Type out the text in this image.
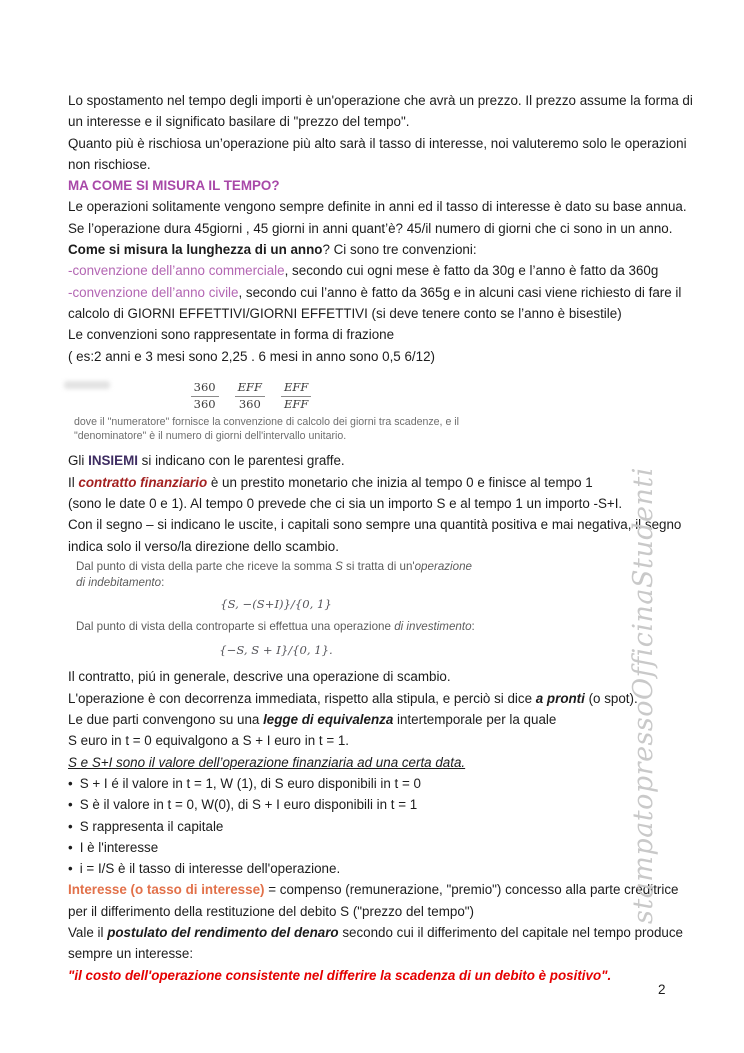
Lo spostamento nel tempo degli importi è un'operazione che avrà un prezzo. Il prezzo assume la forma di un interesse e il significato basilare di "prezzo del tempo".

Quanto più è rischiosa un’operazione più alto sarà il tasso di interesse, noi valuteremo solo le operazioni non rischiose.

MA COME SI MISURA IL TEMPO?

Le operazioni solitamente vengono sempre definite in anni ed il tasso di interesse è dato su base annua. Se l’operazione dura 45giorni , 45 giorni in anni quant’è? 45/il numero di giorni che ci sono in un anno. Come si misura la lunghezza di un anno? Ci sono tre convenzioni:

-convenzione dell’anno commerciale, secondo cui ogni mese è fatto da 30g e l’anno è fatto da 360g

-convenzione dell’anno civile, secondo cui l’anno è fatto da 365g e in alcuni casi viene richiesto di fare il calcolo di GIORNI EFFETTIVI/GIORNI EFFETTIVI (si deve tenere conto se l’anno è bisestile)

Le convenzioni sono rappresentate in forma di frazione

( es:2 anni e 3 mesi sono 2,25 . 6 mesi in anno sono 0,5 6/12)

$\frac{360}{360} \frac{\text{EFF}}{360} \frac{\text{EFF}}{\text{EFF}}$
dove il "numeratore" fornisce la convenzione di calcolo dei giorni tra scadenze, e il
"denominatore" è il numero di giorni dell'intervallo unitario.

Gli INSIEMI si indicano con le parentesi graffe.

Il contratto finanziario è un prestito monetario che inizia al tempo 0 e finisce al tempo 1

(sono le date 0 e 1). Al tempo 0 prevede che ci sia un importo S e al tempo 1 un importo -S+I.

Con il segno – si indicano le uscite, i capitali sono sempre una quantità positiva e mai negativa, il segno indica solo il verso/la direzione dello scambio.

Dal punto di vista della parte che riceve la somma S si tratta di un'operazione di indebitamento:
{S, −(S+I)}/{0, 1}
Dal punto di vista della controparte si effettua una operazione di investimento:
{−S, S + I}/{0, 1}.

Il contratto, piú in generale, descrive una operazione di scambio.

L'operazione è con decorrenza immediata, rispetto alla stipula, e perciò si dice a pronti (o spot).

Le due parti convengono su una legge di equivalenza intertemporale per la quale

S euro in t = 0 equivalgono a S + I euro in t = 1.

S e S+I sono il valore dell’operazione finanziaria ad una certa data.

• S + I é il valore in t = 1, W (1), di S euro disponibili in t = 0
• S è il valore in t = 0, W(0), di S + I euro disponibili in t = 1
• S rappresenta il capitale
• I è l'interesse
• i = I/S è il tasso di interesse dell'operazione.

Interesse (o tasso di interesse) = compenso (remunerazione, "premio") concesso alla parte creditrice per il differimento della restituzione del debito S ("prezzo del tempo")

Vale il postulato del rendimento del denaro secondo cui il differimento del capitale nel tempo produce sempre un interesse:

"il costo dell'operazione consistente nel differire la scadenza di un debito è positivo".

stampatopressoOfficinaStudenti
2
